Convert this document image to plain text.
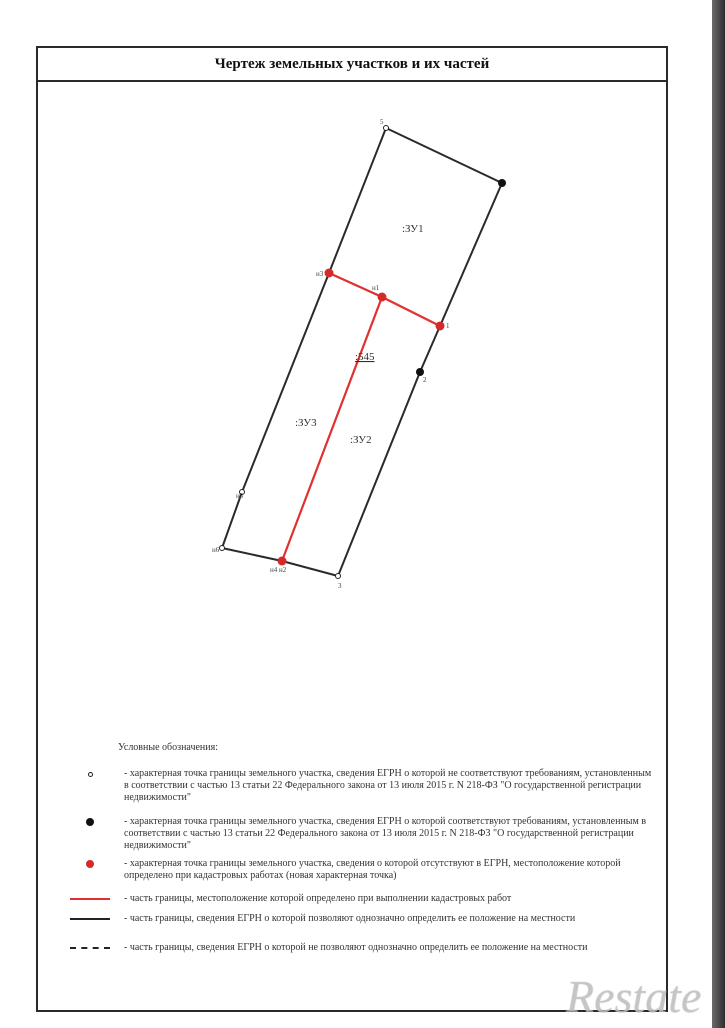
Чертеж земельных участков и их частей
5
н3
н1
1
2
н5
н6
н4 н2
3
:ЗУ1
:ЗУ2
:ЗУ3
:545
Условные обозначения:
- характерная точка границы земельного участка, сведения ЕГРН о которой не соответствуют требованиям, установленным в соответствии с частью 13 статьи 22 Федерального закона от 13 июля 2015 г. N 218-ФЗ "О государственной регистрации недвижимости"
- характерная точка границы земельного участка, сведения ЕГРН о которой соответствуют требованиям, установленным в соответствии с частью 13 статьи 22 Федерального закона от 13 июля 2015 г. N 218-ФЗ "О государственной регистрации недвижимости"
- характерная точка границы земельного участка, сведения о которой отсутствуют в ЕГРН, местоположение которой определено при кадастровых работах (новая характерная точка)
- часть границы, местоположение которой определено при выполнении кадастровых работ
- часть границы, сведения ЕГРН о которой позволяют однозначно определить ее положение на местности
- часть границы, сведения ЕГРН о которой не позволяют однозначно определить ее положение на местности
Restate
